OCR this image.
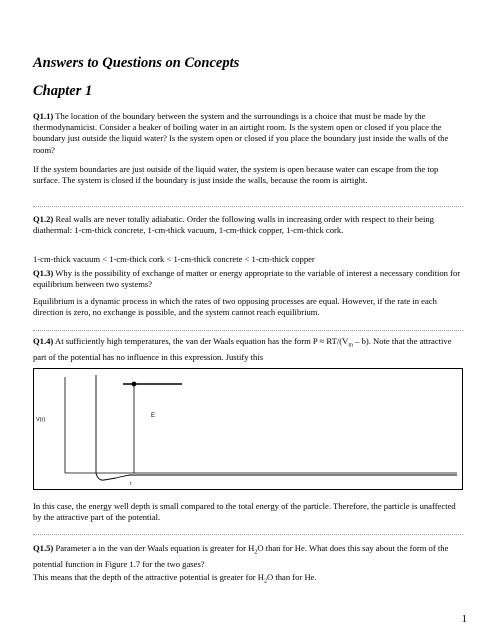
Answers to Questions on Concepts
Chapter 1
Q1.1) The location of the boundary between the system and the surroundings is a choice that must be made by the thermodynamicist. Consider a beaker of boiling water in an airtight room. Is the system open or closed if you place the boundary just outside the liquid water? Is the system open or closed if you place the boundary just inside the walls of the room?
If the system boundaries are just outside of the liquid water, the system is open because water can escape from the top surface. The system is closed if the boundary is just inside the walls, because the room is airtight.
Q1.2) Real walls are never totally adiabatic. Order the following walls in increasing order with respect to their being diathermal: 1-cm-thick concrete, 1-cm-thick vacuum, 1-cm-thick copper, 1-cm-thick cork.
1-cm-thick vacuum < 1-cm-thick cork < 1-cm-thick concrete < 1-cm-thick copper
Q1.3) Why is the possibility of exchange of matter or energy appropriate to the variable of interest a necessary condition for equilibrium between two systems?
Equilibrium is a dynamic process in which the rates of two opposing processes are equal. However, if the rate in each direction is zero, no exchange is possible, and the system cannot reach equilibrium.
Q1.4) At sufficiently high temperatures, the van der Waals equation has the form $P \approx RT/(V_m - b)$. Note that the attractive part of the potential has no influence in this expression. Justify this
V(r)
E
r
In this case, the energy well depth is small compared to the total energy of the particle. Therefore, the particle is unaffected by the attractive part of the potential.
Q1.5) Parameter a in the van der Waals equation is greater for $H_2O$ than for He. What does this say about the form of the potential function in Figure 1.7 for the two gases?
This means that the depth of the attractive potential is greater for $H_2O$ than for He.
1
